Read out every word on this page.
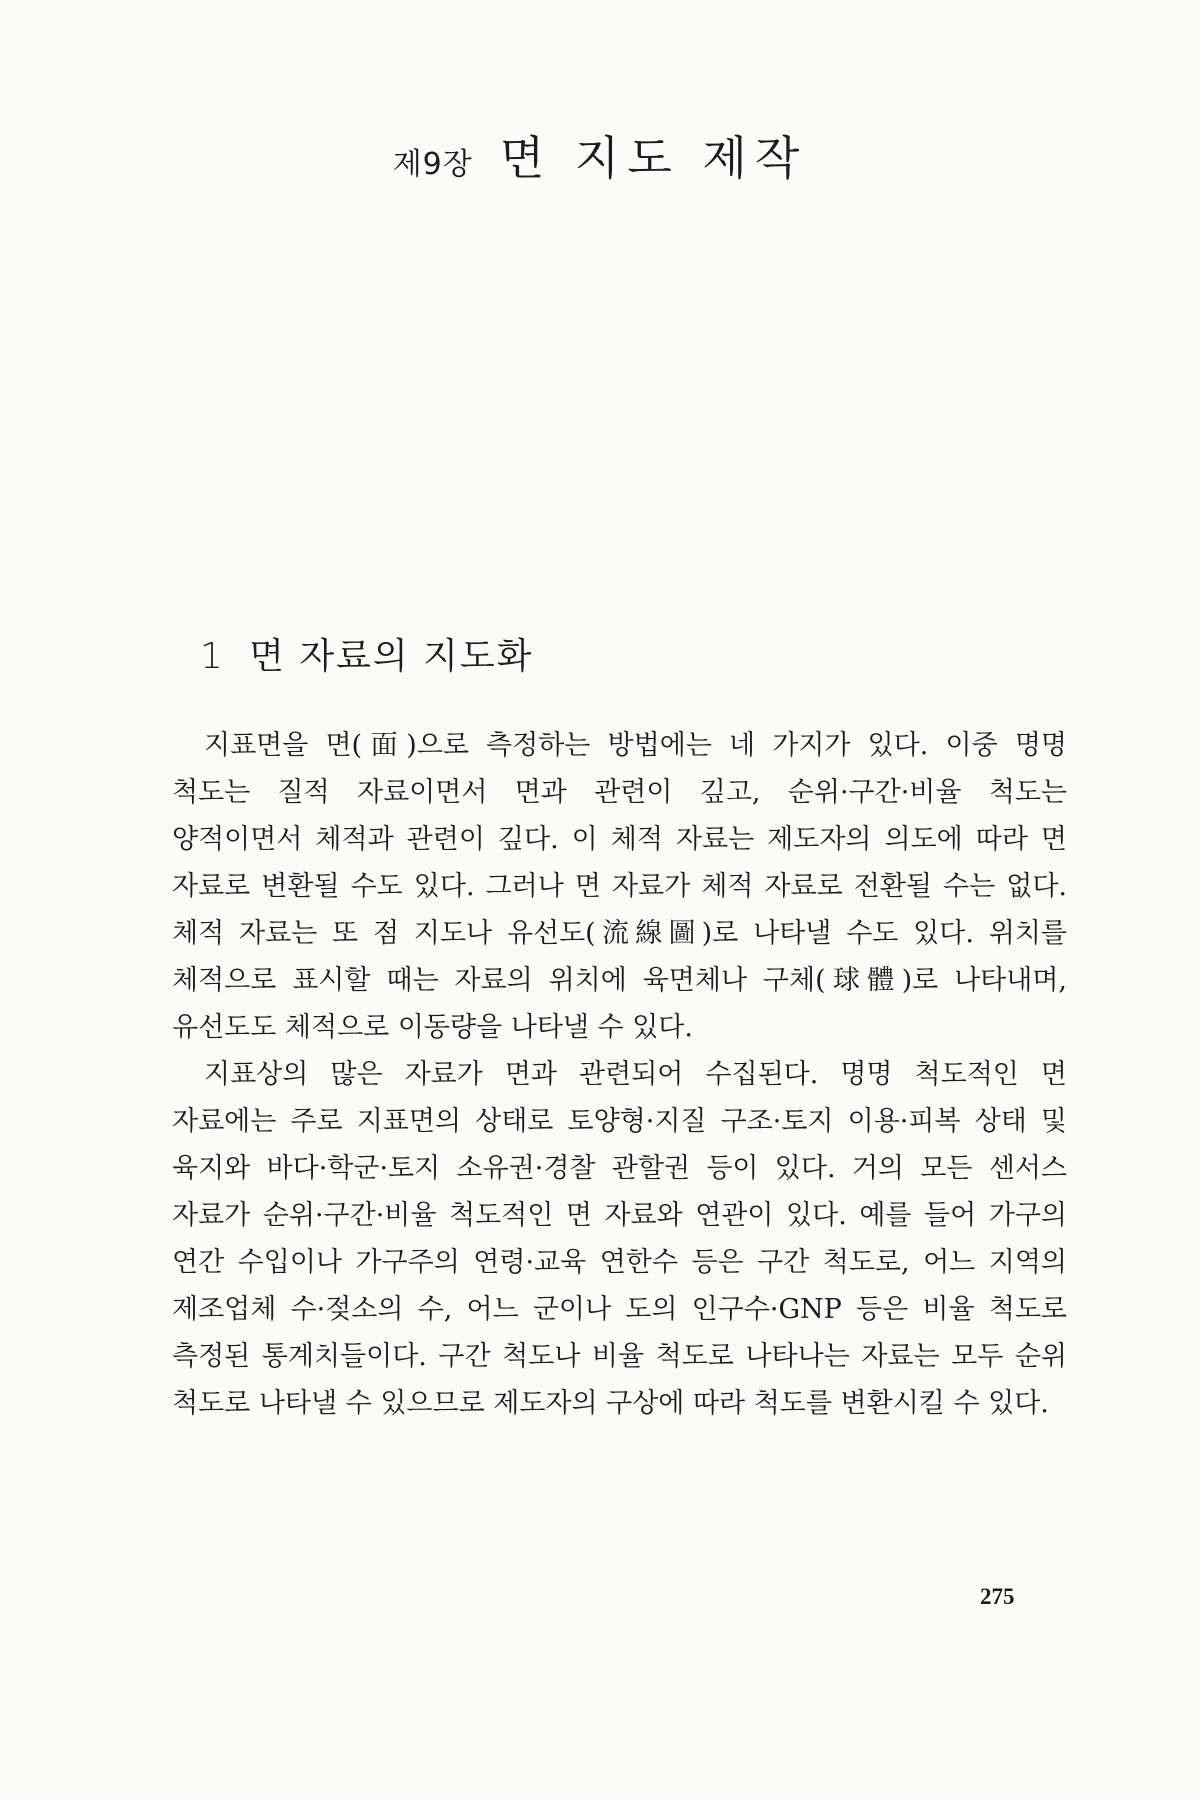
제9장 면 지도 제작
1 면 자료의 지도화

지표면을 면(面)으로 측정하는 방법에는 네 가지가 있다. 이중 명명 척도는 질적 자료이면서 면과 관련이 깊고, 순위·구간·비율 척도는 양적이면서 체적과 관련이 깊다. 이 체적 자료는 제도자의 의도에 따라 면 자료로 변환될 수도 있다. 그러나 면 자료가 체적 자료로 전환될 수는 없다. 체적 자료는 또 점 지도나 유선도(流線圖)로 나타낼 수도 있다. 위치를 체적으로 표시할 때는 자료의 위치에 육면체나 구체(球體)로 나타내며, 유선도도 체적으로 이동량을 나타낼 수 있다.

지표상의 많은 자료가 면과 관련되어 수집된다. 명명 척도적인 면 자료에는 주로 지표면의 상태로 토양형·지질 구조·토지 이용·피복 상태 및 육지와 바다·학군·토지 소유권·경찰 관할권 등이 있다. 거의 모든 센서스 자료가 순위·구간·비율 척도적인 면 자료와 연관이 있다. 예를 들어 가구의 연간 수입이나 가구주의 연령·교육 연한수 등은 구간 척도로, 어느 지역의 제조업체 수·젖소의 수, 어느 군이나 도의 인구수·GNP 등은 비율 척도로 측정된 통계치들이다. 구간 척도나 비율 척도로 나타나는 자료는 모두 순위 척도로 나타낼 수 있으므로 제도자의 구상에 따라 척도를 변환시킬 수 있다.

275
